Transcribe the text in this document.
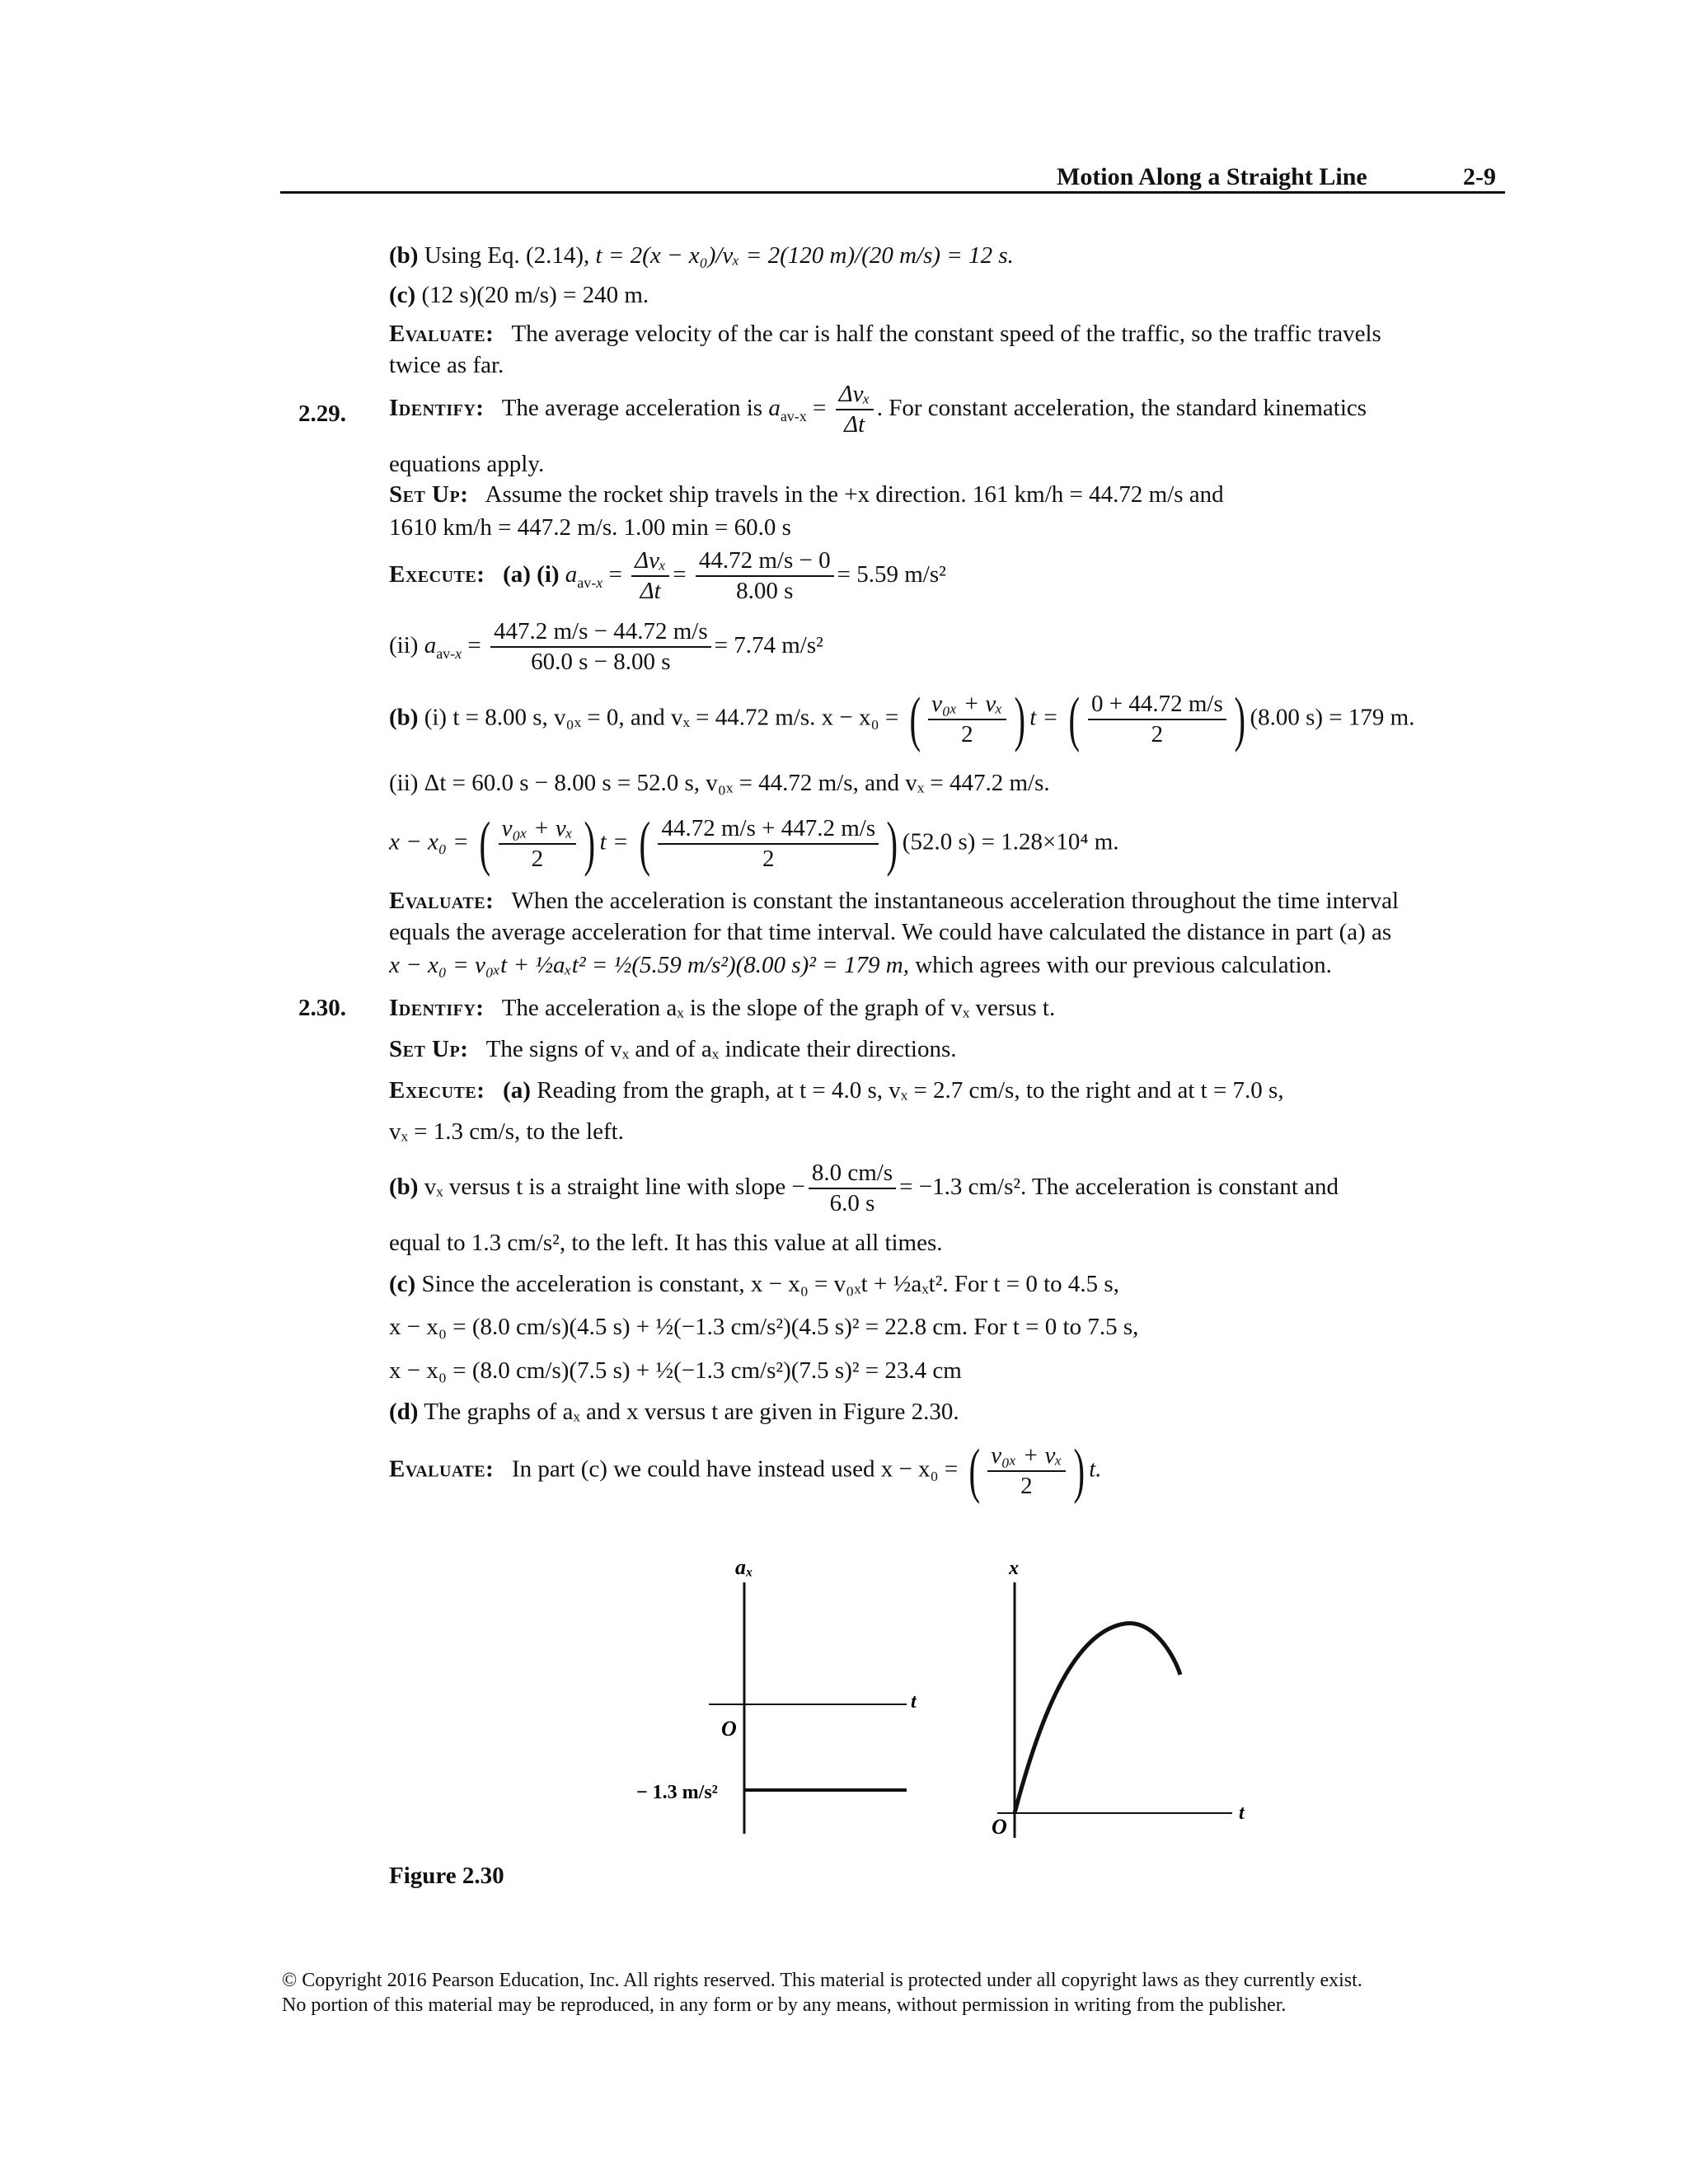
Motion Along a Straight Line	2-9
(b) Using Eq. (2.14), t = 2(x − x₀)/vₓ = 2(120 m)/(20 m/s) = 12 s.
(c) (12 s)(20 m/s) = 240 m.
Evaluate: The average velocity of the car is half the constant speed of the traffic, so the traffic travels
twice as far.
2.29. Identify: The average acceleration is $a_{av-x} = \frac{\text{Δvₓ}}{\Delta t}$ . For constant acceleration, the standard kinematics
equations apply.
Set Up: Assume the rocket ship travels in the +x direction. 161 km/h = 44.72 m/s and
1610 km/h = 447.2 m/s. 1.00 min = 60.0 s
Execute: (a) (i) $a_{av-x} = \frac{\text{Δvₓ}}{\Delta t} = \frac{44.72 m/s - 0}{8.00 s} = 5.59$ m/s²
(ii) $a_{av-x} = \frac{447.2 m/s - 44.72 m/s}{60.0 s - 8.00 s} = 7.74$ m/s²
(b) (i) t = 8.00 s, v₀ₓ = 0, and vₓ = 44.72 m/s. x − x₀ = ( $\frac{\text{v₀ₓ + vₓ}}{2}$ ) t = ( $\frac{0 + 44.72 m/s}{2}$ ) (8.00 s) = 179 m.
(ii) Δt = 60.0 s − 8.00 s = 52.0 s, v₀ₓ = 44.72 m/s, and vₓ = 447.2 m/s.
x − x₀ = ( $\frac{\text{v₀ₓ + vₓ}}{2}$ ) t = ( $\frac{44.72 m/s + 447.2 m/s}{2}$ ) (52.0 s) = 1.28×10⁴ m.
Evaluate: When the acceleration is constant the instantaneous acceleration throughout the time interval
equals the average acceleration for that time interval. We could have calculated the distance in part (a) as
x − x₀ = v₀ₓt + ½aₓt² = ½(5.59 m/s²)(8.00 s)² = 179 m, which agrees with our previous calculation.
2.30. Identify: The acceleration aₓ is the slope of the graph of vₓ versus t.
Set Up: The signs of vₓ and of aₓ indicate their directions.
Execute: (a) Reading from the graph, at t = 4.0 s, vₓ = 2.7 cm/s, to the right and at t = 7.0 s,
vₓ = 1.3 cm/s, to the left.
(b) vₓ versus t is a straight line with slope − $\frac{8.0 cm/s}{6.0 s} = -1.3$ cm/s². The acceleration is constant and
equal to 1.3 cm/s², to the left. It has this value at all times.
(c) Since the acceleration is constant, x − x₀ = v₀ₓt + ½aₓt². For t = 0 to 4.5 s,
x − x₀ = (8.0 cm/s)(4.5 s) + ½(−1.3 cm/s²)(4.5 s)² = 22.8 cm. For t = 0 to 7.5 s,
x − x₀ = (8.0 cm/s)(7.5 s) + ½(−1.3 cm/s²)(7.5 s)² = 23.4 cm
(d) The graphs of aₓ and x versus t are given in Figure 2.30.
Evaluate: In part (c) we could have instead used x − x₀ = ( $\frac{\text{v₀ₓ + vₓ}}{2}$ ) t.
aₓ
t
O
− 1.3 m/s²
x
t
O
Figure 2.30
© Copyright 2016 Pearson Education, Inc. All rights reserved. This material is protected under all copyright laws as they currently exist.
No portion of this material may be reproduced, in any form or by any means, without permission in writing from the publisher.
